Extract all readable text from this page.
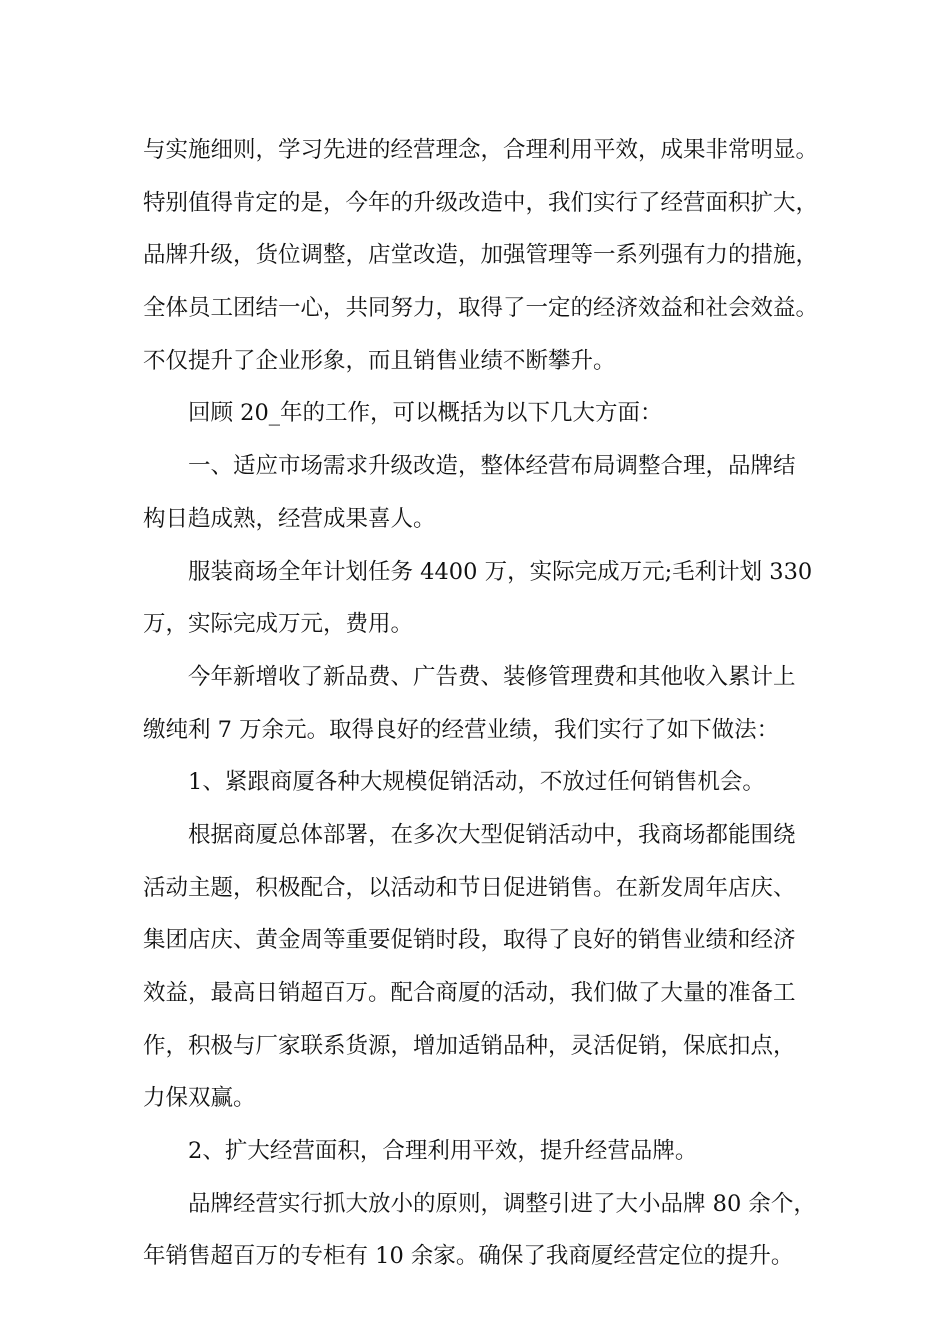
与实施细则，学习先进的经营理念，合理利用平效，成果非常明显。
特别值得肯定的是，今年的升级改造中，我们实行了经营面积扩大，
品牌升级，货位调整，店堂改造，加强管理等一系列强有力的措施，
全体员工团结一心，共同努力，取得了一定的经济效益和社会效益。
不仅提升了企业形象，而且销售业绩不断攀升。
回顾 20_年的工作，可以概括为以下几大方面：
一、适应市场需求升级改造，整体经营布局调整合理，品牌结
构日趋成熟，经营成果喜人。
服装商场全年计划任务 4400 万，实际完成万元;毛利计划 330
万，实际完成万元，费用。
今年新增收了新品费、广告费、装修管理费和其他收入累计上
缴纯利 7 万余元。取得良好的经营业绩，我们实行了如下做法：
1、紧跟商厦各种大规模促销活动，不放过任何销售机会。
根据商厦总体部署，在多次大型促销活动中，我商场都能围绕
活动主题，积极配合，以活动和节日促进销售。在新发周年店庆、
集团店庆、黄金周等重要促销时段，取得了良好的销售业绩和经济
效益，最高日销超百万。配合商厦的活动，我们做了大量的准备工
作，积极与厂家联系货源，增加适销品种，灵活促销，保底扣点，
力保双赢。
2、扩大经营面积，合理利用平效，提升经营品牌。
品牌经营实行抓大放小的原则，调整引进了大小品牌 80 余个，
年销售超百万的专柜有 10 余家。确保了我商厦经营定位的提升。
